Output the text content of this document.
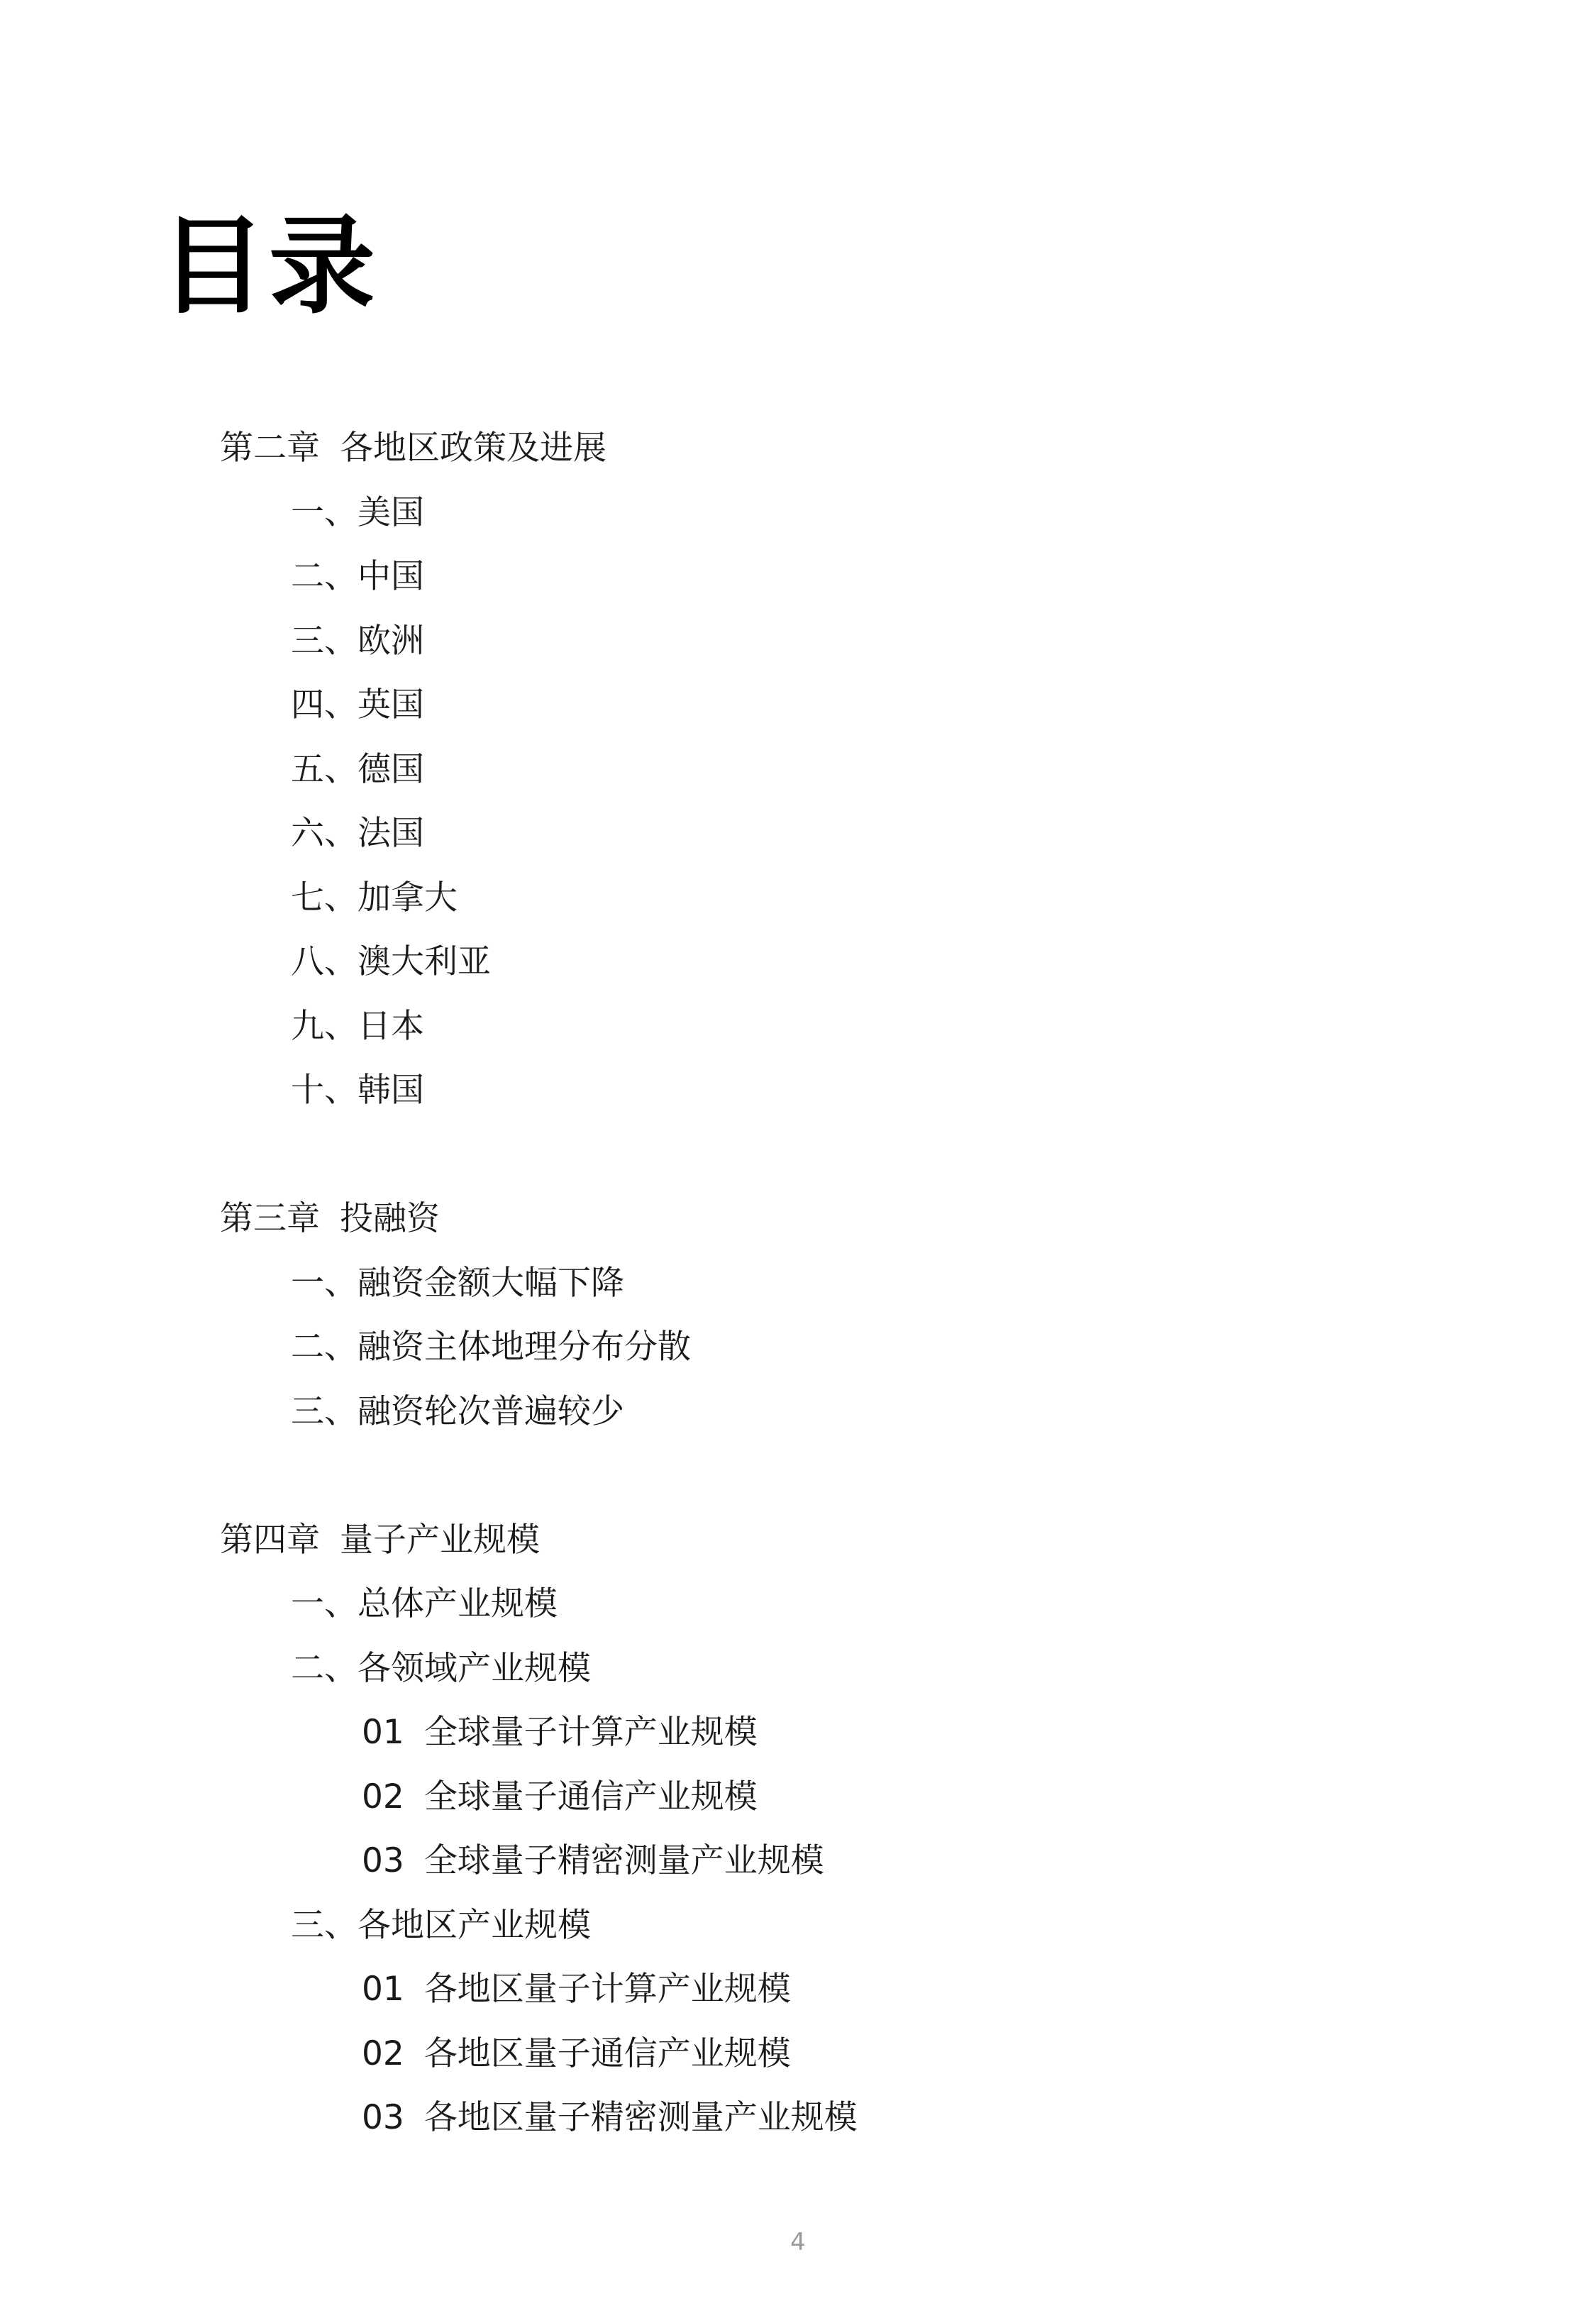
目录
第二章 各地区政策及进展
一、美国
二、中国
三、欧洲
四、英国
五、德国
六、法国
七、加拿大
八、澳大利亚
九、日本
十、韩国
第三章 投融资
一、融资金额大幅下降
二、融资主体地理分布分散
三、融资轮次普遍较少
第四章 量子产业规模
一、总体产业规模
二、各领域产业规模
01 全球量子计算产业规模
02 全球量子通信产业规模
03 全球量子精密测量产业规模
三、各地区产业规模
01 各地区量子计算产业规模
02 各地区量子通信产业规模
03 各地区量子精密测量产业规模
4
